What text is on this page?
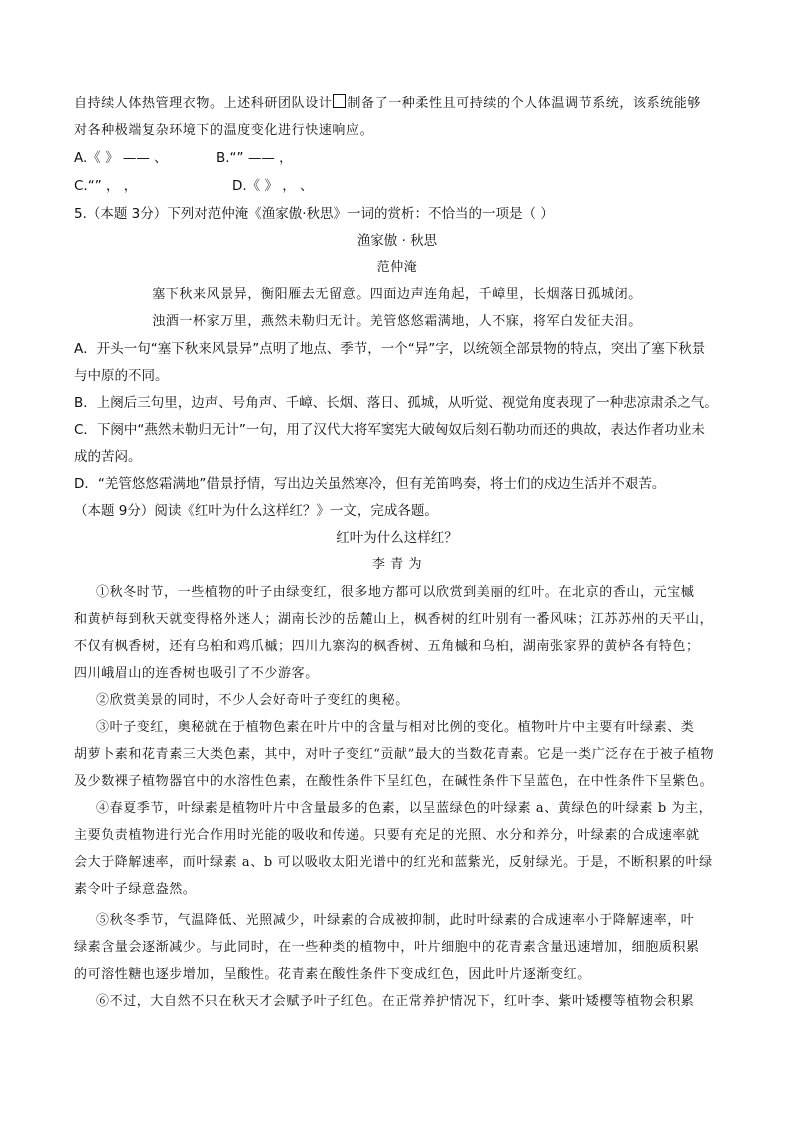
自持续人体热管理衣物。上述科研团队设计 制备了一种柔性且可持续的个人体温调节系统，该系统能够
对各种极端复杂环境下的温度变化进行快速响应。
A.《 》 —— 、	B.“” —— ，
C.“” ， ，	D.《 》 ， 、
5.（本题 3分）下列对范仲淹《渔家傲·秋思》一词的赏析：不恰当的一项是（ ）
渔家傲 · 秋思
范仲淹
塞下秋来风景异，衡阳雁去无留意。四面边声连角起，千嶂里，长烟落日孤城闭。
浊酒一杯家万里，燕然未勒归无计。羌管悠悠霜满地，人不寐，将军白发征夫泪。
A．开头一句“塞下秋来风景异”点明了地点、季节，一个“异”字，以统领全部景物的特点，突出了塞下秋景
与中原的不同。
B．上阕后三句里，边声、号角声、千嶂、长烟、落日、孤城，从听觉、视觉角度表现了一种悲凉肃杀之气。
C．下阕中“燕然未勒归无计”一句，用了汉代大将军窦宪大破匈奴后刻石勒功而还的典故，表达作者功业未
成的苦闷。
D．“羌管悠悠霜满地”借景抒情，写出边关虽然寒冷，但有羌笛鸣奏，将士们的戍边生活并不艰苦。
（本题 9分）阅读《红叶为什么这样红？》一文，完成各题。
红叶为什么这样红？
李 青 为
①秋冬时节，一些植物的叶子由绿变红，很多地方都可以欣赏到美丽的红叶。在北京的香山，元宝槭
和黄栌每到秋天就变得格外迷人；湖南长沙的岳麓山上，枫香树的红叶别有一番风味；江苏苏州的天平山，
不仅有枫香树，还有乌桕和鸡爪槭；四川九寨沟的枫香树、五角槭和乌桕，湖南张家界的黄栌各有特色；
四川峨眉山的连香树也吸引了不少游客。
②欣赏美景的同时，不少人会好奇叶子变红的奥秘。
③叶子变红，奥秘就在于植物色素在叶片中的含量与相对比例的变化。植物叶片中主要有叶绿素、类
胡萝卜素和花青素三大类色素，其中，对叶子变红“贡献”最大的当数花青素。它是一类广泛存在于被子植物
及少数裸子植物器官中的水溶性色素，在酸性条件下呈红色，在碱性条件下呈蓝色，在中性条件下呈紫色。
④春夏季节，叶绿素是植物叶片中含量最多的色素，以呈蓝绿色的叶绿素 a、黄绿色的叶绿素 b 为主，
主要负责植物进行光合作用时光能的吸收和传递。只要有充足的光照、水分和养分，叶绿素的合成速率就
会大于降解速率，而叶绿素 a、b 可以吸收太阳光谱中的红光和蓝紫光，反射绿光。于是，不断积累的叶绿
素令叶子绿意盎然。
⑤秋冬季节，气温降低、光照减少，叶绿素的合成被抑制，此时叶绿素的合成速率小于降解速率，叶
绿素含量会逐渐减少。与此同时，在一些种类的植物中，叶片细胞中的花青素含量迅速增加，细胞质积累
的可溶性糖也逐步增加，呈酸性。花青素在酸性条件下变成红色，因此叶片逐渐变红。
⑥不过，大自然不只在秋天才会赋予叶子红色。在正常养护情况下，红叶李、紫叶矮樱等植物会积累
